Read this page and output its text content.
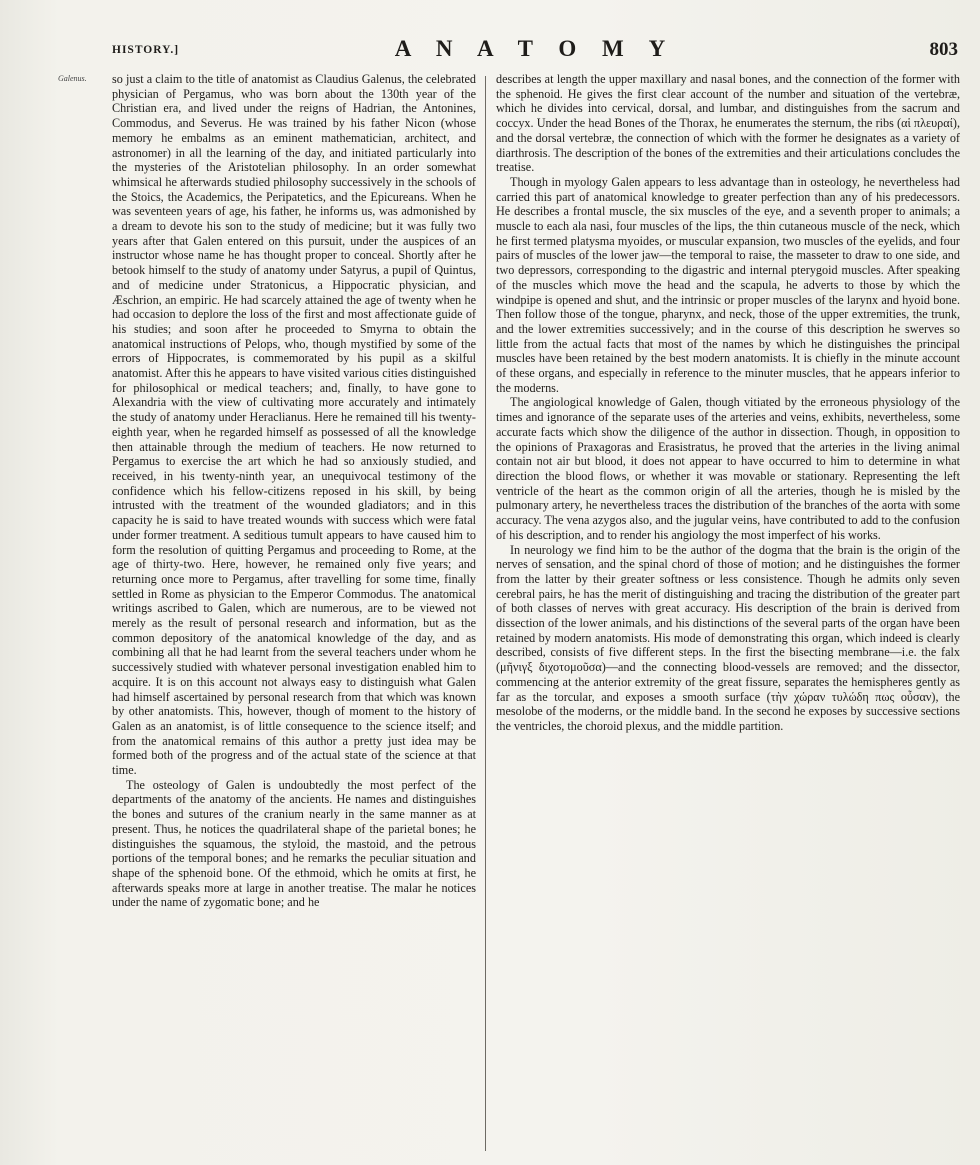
HISTORY.]	A N A T O M Y	803
Galenus. so just a claim to the title of anatomist as Claudius Galenus, the celebrated physician of Pergamus, who was born about the 130th year of the Christian era, and lived under the reigns of Hadrian, the Antonines, Commodus, and Severus. He was trained by his father Nicon (whose memory he embalms as an eminent mathematician, architect, and astronomer) in all the learning of the day, and initiated particularly into the mysteries of the Aristotelian philosophy. In an order somewhat whimsical he afterwards studied philosophy successively in the schools of the Stoics, the Academics, the Peripatetics, and the Epicureans. When he was seventeen years of age, his father, he informs us, was admonished by a dream to devote his son to the study of medicine; but it was fully two years after that Galen entered on this pursuit, under the auspices of an instructor whose name he has thought proper to conceal. Shortly after he betook himself to the study of anatomy under Satyrus, a pupil of Quintus, and of medicine under Stratonicus, a Hippocratic physician, and Æschrion, an empiric. He had scarcely attained the age of twenty when he had occasion to deplore the loss of the first and most affectionate guide of his studies; and soon after he proceeded to Smyrna to obtain the anatomical instructions of Pelops, who, though mystified by some of the errors of Hippocrates, is commemorated by his pupil as a skilful anatomist. After this he appears to have visited various cities distinguished for philosophical or medical teachers; and, finally, to have gone to Alexandria with the view of cultivating more accurately and intimately the study of anatomy under Heraclianus. Here he remained till his twenty-eighth year, when he regarded himself as possessed of all the knowledge then attainable through the medium of teachers. He now returned to Pergamus to exercise the art which he had so anxiously studied, and received, in his twenty-ninth year, an unequivocal testimony of the confidence which his fellow-citizens reposed in his skill, by being intrusted with the treatment of the wounded gladiators; and in this capacity he is said to have treated wounds with success which were fatal under former treatment. A seditious tumult appears to have caused him to form the resolution of quitting Pergamus and proceeding to Rome, at the age of thirty-two. Here, however, he remained only five years; and returning once more to Pergamus, after travelling for some time, finally settled in Rome as physician to the Emperor Commodus. The anatomical writings ascribed to Galen, which are numerous, are to be viewed not merely as the result of personal research and information, but as the common depository of the anatomical knowledge of the day, and as combining all that he had learnt from the several teachers under whom he successively studied with whatever personal investigation enabled him to acquire. It is on this account not always easy to distinguish what Galen had himself ascertained by personal research from that which was known by other anatomists. This, however, though of moment to the history of Galen as an anatomist, is of little consequence to the science itself; and from the anatomical remains of this author a pretty just idea may be formed both of the progress and of the actual state of the science at that time.

The osteology of Galen is undoubtedly the most perfect of the departments of the anatomy of the ancients. He names and distinguishes the bones and sutures of the cranium nearly in the same manner as at present. Thus, he notices the quadrilateral shape of the parietal bones; he distinguishes the squamous, the styloid, the mastoid, and the petrous portions of the temporal bones; and he remarks the peculiar situation and shape of the sphenoid bone. Of the ethmoid, which he omits at first, he afterwards speaks more at large in another treatise. The malar he notices under the name of zygomatic bone; and he

describes at length the upper maxillary and nasal bones, and the connection of the former with the sphenoid. He gives the first clear account of the number and situation of the vertebræ, which he divides into cervical, dorsal, and lumbar, and distinguishes from the sacrum and coccyx. Under the head Bones of the Thorax, he enumerates the sternum, the ribs (αἱ πλευραί), and the dorsal vertebræ, the connection of which with the former he designates as a variety of diarthrosis. The description of the bones of the extremities and their articulations concludes the treatise.

Though in myology Galen appears to less advantage than in osteology, he nevertheless had carried this part of anatomical knowledge to greater perfection than any of his predecessors. He describes a frontal muscle, the six muscles of the eye, and a seventh proper to animals; a muscle to each ala nasi, four muscles of the lips, the thin cutaneous muscle of the neck, which he first termed platysma myoides, or muscular expansion, two muscles of the eyelids, and four pairs of muscles of the lower jaw—the temporal to raise, the masseter to draw to one side, and two depressors, corresponding to the digastric and internal pterygoid muscles. After speaking of the muscles which move the head and the scapula, he adverts to those by which the windpipe is opened and shut, and the intrinsic or proper muscles of the larynx and hyoid bone. Then follow those of the tongue, pharynx, and neck, those of the upper extremities, the trunk, and the lower extremities successively; and in the course of this description he swerves so little from the actual facts that most of the names by which he distinguishes the principal muscles have been retained by the best modern anatomists. It is chiefly in the minute account of these organs, and especially in reference to the minuter muscles, that he appears inferior to the moderns.

The angiological knowledge of Galen, though vitiated by the erroneous physiology of the times and ignorance of the separate uses of the arteries and veins, exhibits, nevertheless, some accurate facts which show the diligence of the author in dissection. Though, in opposition to the opinions of Praxagoras and Erasistratus, he proved that the arteries in the living animal contain not air but blood, it does not appear to have occurred to him to determine in what direction the blood flows, or whether it was movable or stationary. Representing the left ventricle of the heart as the common origin of all the arteries, though he is misled by the pulmonary artery, he nevertheless traces the distribution of the branches of the aorta with some accuracy. The vena azygos also, and the jugular veins, have contributed to add to the confusion of his description, and to render his angiology the most imperfect of his works.

In neurology we find him to be the author of the dogma that the brain is the origin of the nerves of sensation, and the spinal chord of those of motion; and he distinguishes the former from the latter by their greater softness or less consistence. Though he admits only seven cerebral pairs, he has the merit of distinguishing and tracing the distribution of the greater part of both classes of nerves with great accuracy. His description of the brain is derived from dissection of the lower animals, and his distinctions of the several parts of the organ have been retained by modern anatomists. His mode of demonstrating this organ, which indeed is clearly described, consists of five different steps. In the first the bisecting membrane—i.e. the falx (μῆνιγξ διχοτομοῦσα)—and the connecting blood-vessels are removed; and the dissector, commencing at the anterior extremity of the great fissure, separates the hemispheres gently as far as the torcular, and exposes a smooth surface (τὴν χώραν τυλώδη πως οὖσαν), the mesolobe of the moderns, or the middle band. In the second he exposes by successive sections the ventricles, the choroid plexus, and the middle partition.
